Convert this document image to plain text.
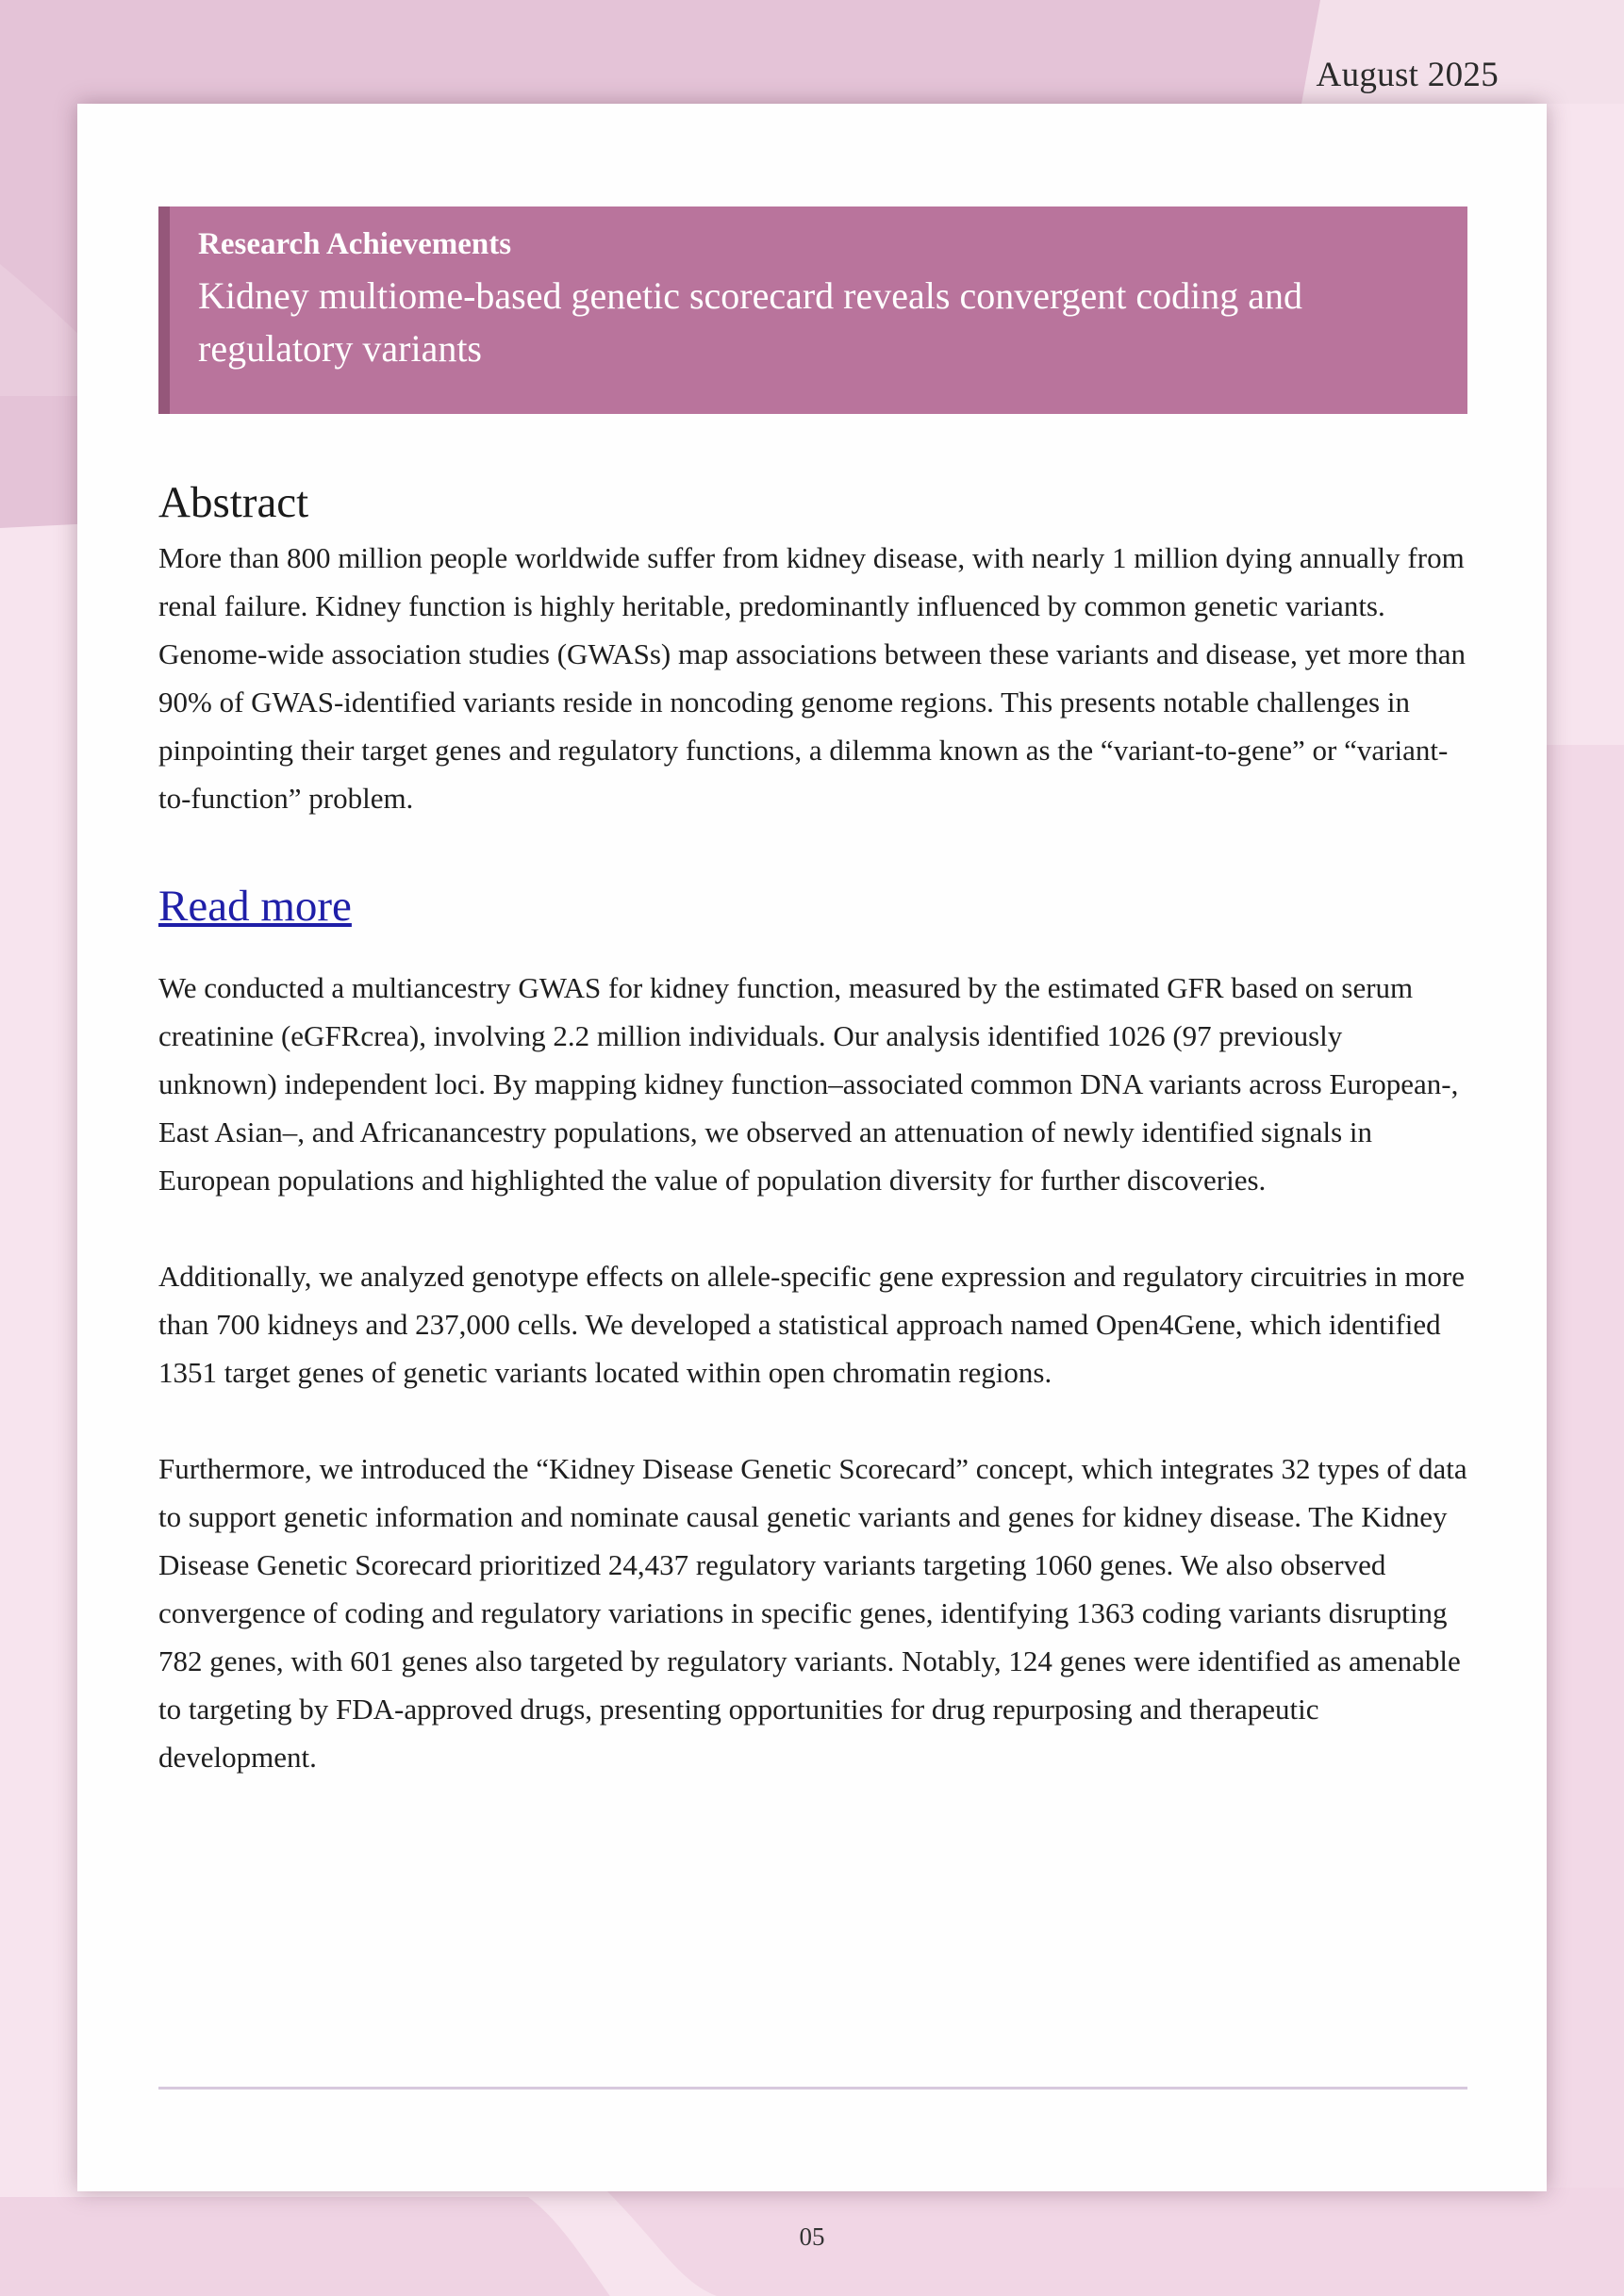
August 2025
Research Achievements
Kidney multiome-based genetic scorecard reveals convergent coding and regulatory variants
Abstract

More than 800 million people worldwide suffer from kidney disease, with nearly 1 million dying annually from renal failure. Kidney function is highly heritable, predominantly influenced by common genetic variants. Genome-wide association studies (GWASs) map associations between these variants and disease, yet more than 90% of GWAS-identified variants reside in noncoding genome regions. This presents notable challenges in pinpointing their target genes and regulatory functions, a dilemma known as the “variant-to-gene” or “variant-to-function” problem.

Read more

We conducted a multiancestry GWAS for kidney function, measured by the estimated GFR based on serum creatinine (eGFRcrea), involving 2.2 million individuals. Our analysis identified 1026 (97 previously unknown) independent loci. By mapping kidney function–associated common DNA variants across European-, East Asian–, and Africanancestry populations, we observed an attenuation of newly identified signals in European populations and highlighted the value of population diversity for further discoveries.

Additionally, we analyzed genotype effects on allele-specific gene expression and regulatory circuitries in more than 700 kidneys and 237,000 cells. We developed a statistical approach named Open4Gene, which identified 1351 target genes of genetic variants located within open chromatin regions.

Furthermore, we introduced the “Kidney Disease Genetic Scorecard” concept, which integrates 32 types of data to support genetic information and nominate causal genetic variants and genes for kidney disease. The Kidney Disease Genetic Scorecard prioritized 24,437 regulatory variants targeting 1060 genes. We also observed convergence of coding and regulatory variations in specific genes, identifying 1363 coding variants disrupting 782 genes, with 601 genes also targeted by regulatory variants. Notably, 124 genes were identified as amenable to targeting by FDA-approved drugs, presenting opportunities for drug repurposing and therapeutic development.

05
